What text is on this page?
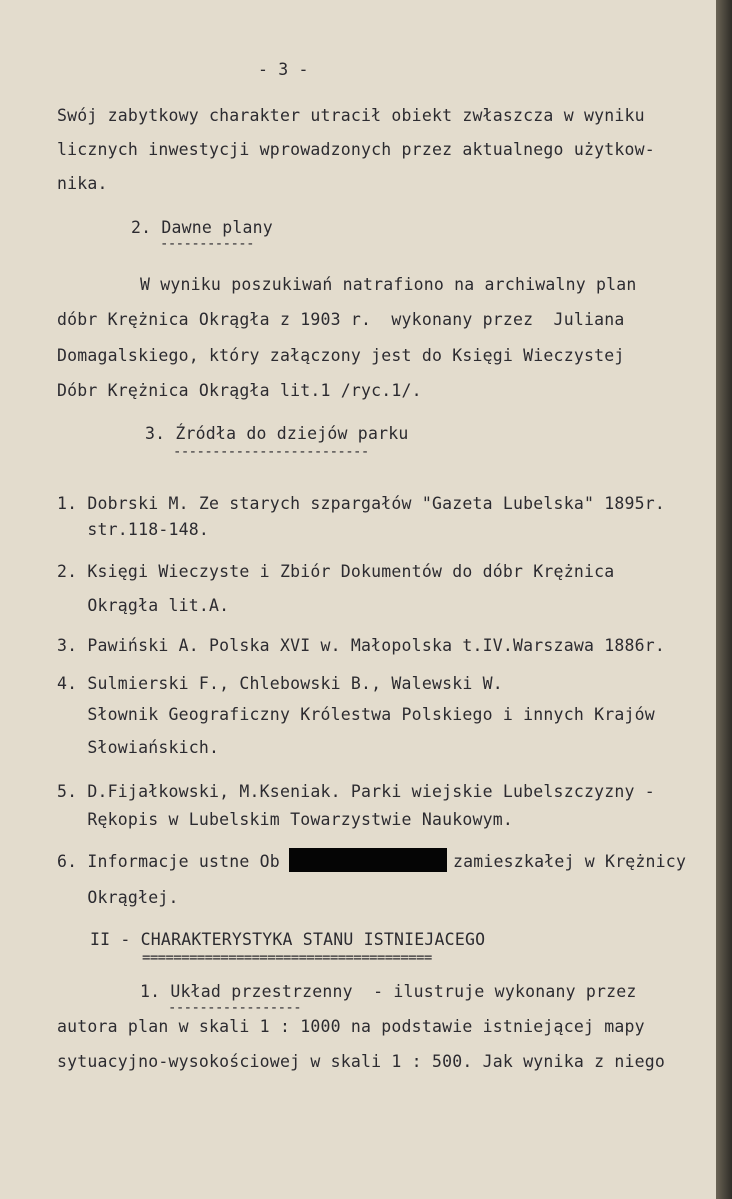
- 3 -
Swój zabytkowy charakter utracił obiekt zwłaszcza w wyniku
licznych inwestycji wprowadzonych przez aktualnego użytkow-
nika.
2. Dawne plany
------------
W wyniku poszukiwań natrafiono na archiwalny plan
dóbr Krężnica Okrągła z 1903 r.  wykonany przez  Juliana
Domagalskiego, który załączony jest do Księgi Wieczystej
Dóbr Krężnica Okrągła lit.1 /ryc.1/.
3. Źródła do dziejów parku
-------------------------
1. Dobrski M. Ze starych szpargałów "Gazeta Lubelska" 1895r.
str.118-148.
2. Księgi Wieczyste i Zbiór Dokumentów do dóbr Krężnica
Okrągła lit.A.
3. Pawiński A. Polska XVI w. Małopolska t.IV.Warszawa 1886r.
4. Sulmierski F., Chlebowski B., Walewski W.
Słownik Geograficzny Królestwa Polskiego i innych Krajów
Słowiańskich.
5. D.Fijałkowski, M.Kseniak. Parki wiejskie Lubelszczyzny -
Rękopis w Lubelskim Towarzystwie Naukowym.
6. Informacje ustne Ob	zamieszkałej w Krężnicy
Okrągłej.
II - CHARAKTERYSTYKA STANU ISTNIEJACEGO
=====================================
1. Układ przestrzenny  - ilustruje wykonany przez
-----------------
autora plan w skali 1 : 1000 na podstawie istniejącej mapy
sytuacyjno-wysokościowej w skali 1 : 500. Jak wynika z niego
